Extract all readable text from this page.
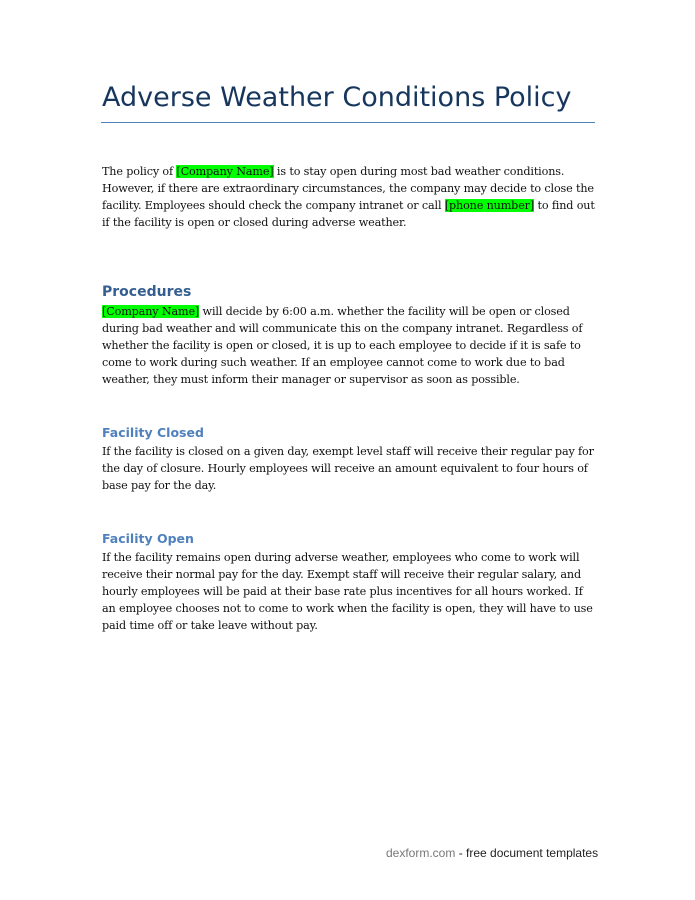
Adverse Weather Conditions Policy

The policy of [Company Name] is to stay open during most bad weather conditions. However, if there are extraordinary circumstances, the company may decide to close the facility. Employees should check the company intranet or call [phone number] to find out if the facility is open or closed during adverse weather.

Procedures

[Company Name] will decide by 6:00 a.m. whether the facility will be open or closed during bad weather and will communicate this on the company intranet. Regardless of whether the facility is open or closed, it is up to each employee to decide if it is safe to come to work during such weather. If an employee cannot come to work due to bad weather, they must inform their manager or supervisor as soon as possible.

Facility Closed

If the facility is closed on a given day, exempt level staff will receive their regular pay for the day of closure. Hourly employees will receive an amount equivalent to four hours of base pay for the day.

Facility Open

If the facility remains open during adverse weather, employees who come to work will receive their normal pay for the day. Exempt staff will receive their regular salary, and hourly employees will be paid at their base rate plus incentives for all hours worked. If an employee chooses not to come to work when the facility is open, they will have to use paid time off or take leave without pay.

dexform.com - free document templates
